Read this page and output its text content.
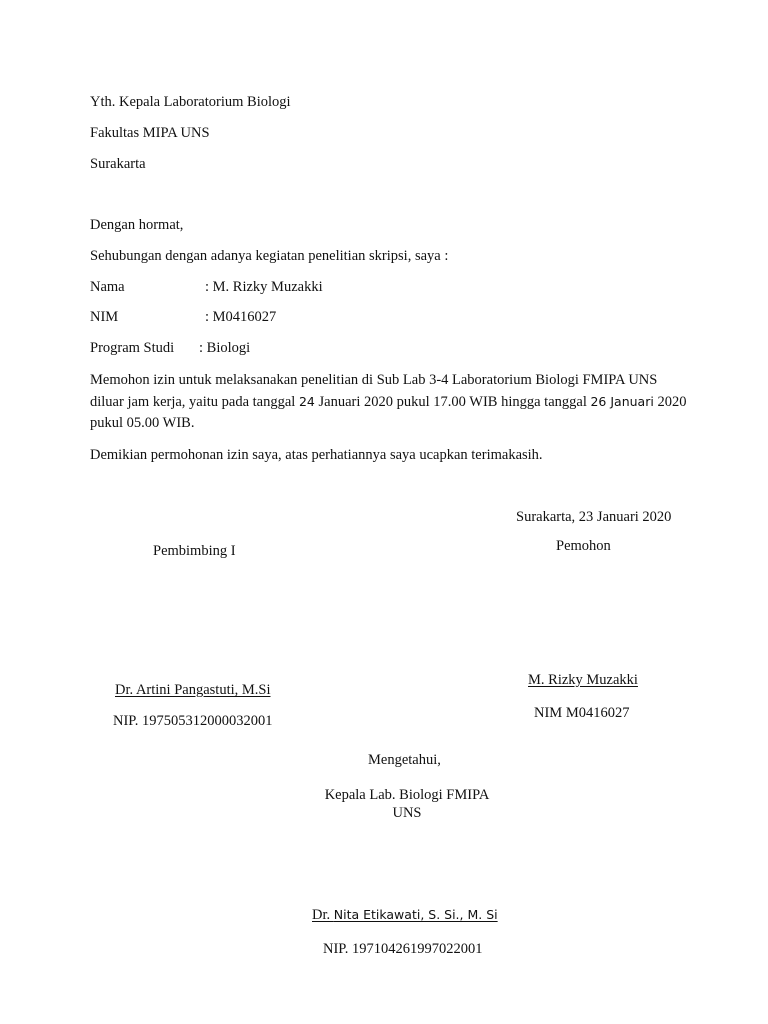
Yth. Kepala Laboratorium Biologi
Fakultas MIPA UNS
Surakarta
Dengan hormat,
Sehubungan dengan adanya kegiatan penelitian skripsi, saya :
Nama	: M. Rizky Muzakki
NIM	: M0416027
Program Studi : Biologi
Memohon izin untuk melaksanakan penelitian di Sub Lab 3-4 Laboratorium Biologi FMIPA UNS diluar jam kerja, yaitu pada tanggal 24 Januari 2020 pukul 17.00 WIB hingga tanggal 26 Januari 2020 pukul 05.00 WIB.
Demikian permohonan izin saya, atas perhatiannya saya ucapkan terimakasih.
Surakarta, 23 Januari 2020
Pembimbing I
Dr. Artini Pangastuti, M.Si
NIP. 197505312000032001
Pemohon
M. Rizky Muzakki
NIM M0416027
Mengetahui,
Kepala Lab. Biologi FMIPA
UNS
Dr. Nita Etikawati, S. Si., M. Si
NIP. 197104261997022001
